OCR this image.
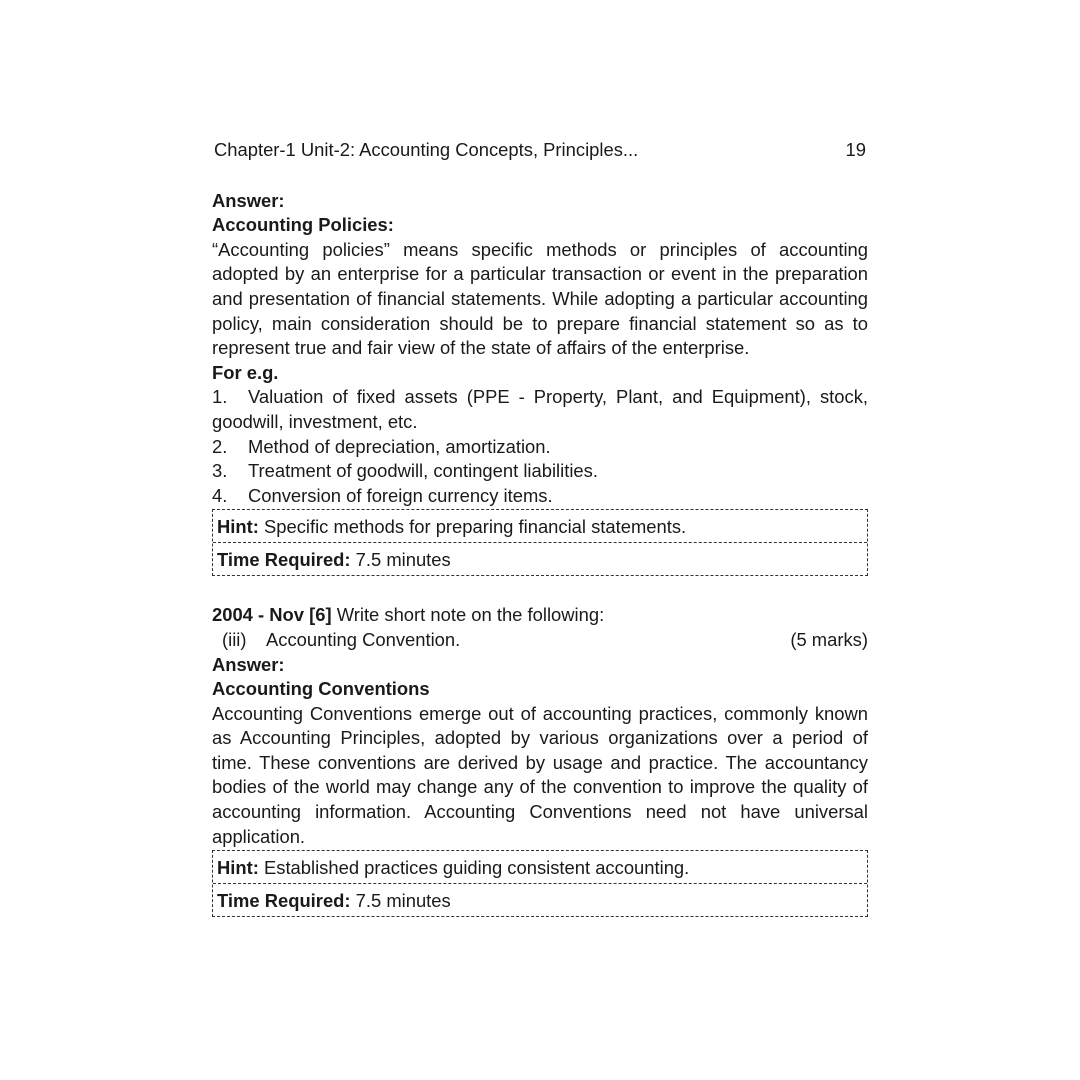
Chapter-1 Unit-2: Accounting Concepts, Principles...	19
Answer:
Accounting Policies:
“Accounting policies” means specific methods or principles of accounting adopted by an enterprise for a particular transaction or event in the preparation and presentation of financial statements. While adopting a particular accounting policy, main consideration should be to prepare financial statement so as to represent true and fair view of the state of affairs of the enterprise.
For e.g.
1. Valuation of fixed assets (PPE - Property, Plant, and Equipment), stock, goodwill, investment, etc.
2.	Method of depreciation, amortization.
3.	Treatment of goodwill, contingent liabilities.
4.	Conversion of foreign currency items.
Hint: Specific methods for preparing financial statements.
Time Required: 7.5 minutes
2004 - Nov [6] Write short note on the following:
(iii)	Accounting Convention.	(5 marks)
Answer:
Accounting Conventions
Accounting Conventions emerge out of accounting practices, commonly known as Accounting Principles, adopted by various organizations over a period of time. These conventions are derived by usage and practice. The accountancy bodies of the world may change any of the convention to improve the quality of accounting information. Accounting Conventions need not have universal application.
Hint: Established practices guiding consistent accounting.
Time Required: 7.5 minutes
